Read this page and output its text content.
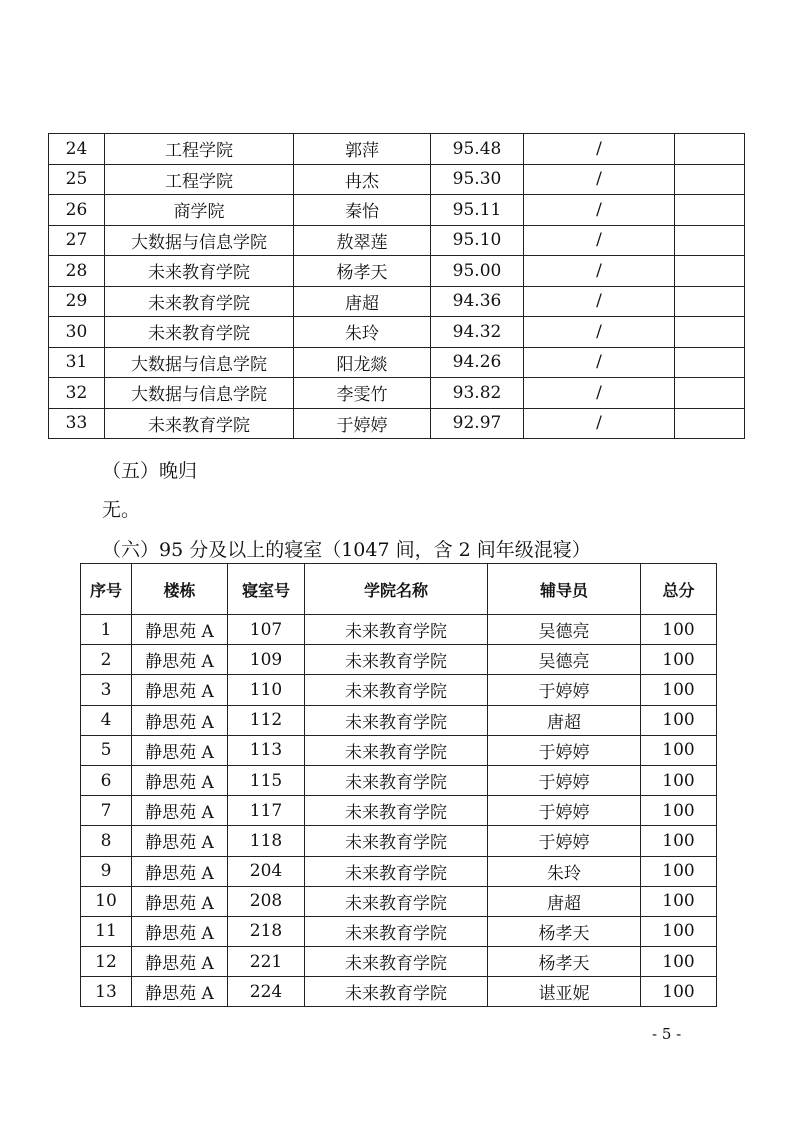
24	工程学院	郭萍	95.48	/	
25	工程学院	冉杰	95.30	/	
26	商学院	秦怡	95.11	/	
27	大数据与信息学院	敖翠莲	95.10	/	
28	未来教育学院	杨孝天	95.00	/	
29	未来教育学院	唐超	94.36	/	
30	未来教育学院	朱玲	94.32	/	
31	大数据与信息学院	阳龙燚	94.26	/	
32	大数据与信息学院	李雯竹	93.82	/	
33	未来教育学院	于婷婷	92.97	/	
（五）晚归
无。
（六）95 分及以上的寝室（1047 间，含 2 间年级混寝）
序号	楼栋	寝室号	学院名称	辅导员	总分
1	静思苑 A	107	未来教育学院	吴德亮	100
2	静思苑 A	109	未来教育学院	吴德亮	100
3	静思苑 A	110	未来教育学院	于婷婷	100
4	静思苑 A	112	未来教育学院	唐超	100
5	静思苑 A	113	未来教育学院	于婷婷	100
6	静思苑 A	115	未来教育学院	于婷婷	100
7	静思苑 A	117	未来教育学院	于婷婷	100
8	静思苑 A	118	未来教育学院	于婷婷	100
9	静思苑 A	204	未来教育学院	朱玲	100
10	静思苑 A	208	未来教育学院	唐超	100
11	静思苑 A	218	未来教育学院	杨孝天	100
12	静思苑 A	221	未来教育学院	杨孝天	100
13	静思苑 A	224	未来教育学院	谌亚妮	100
- 5 -
